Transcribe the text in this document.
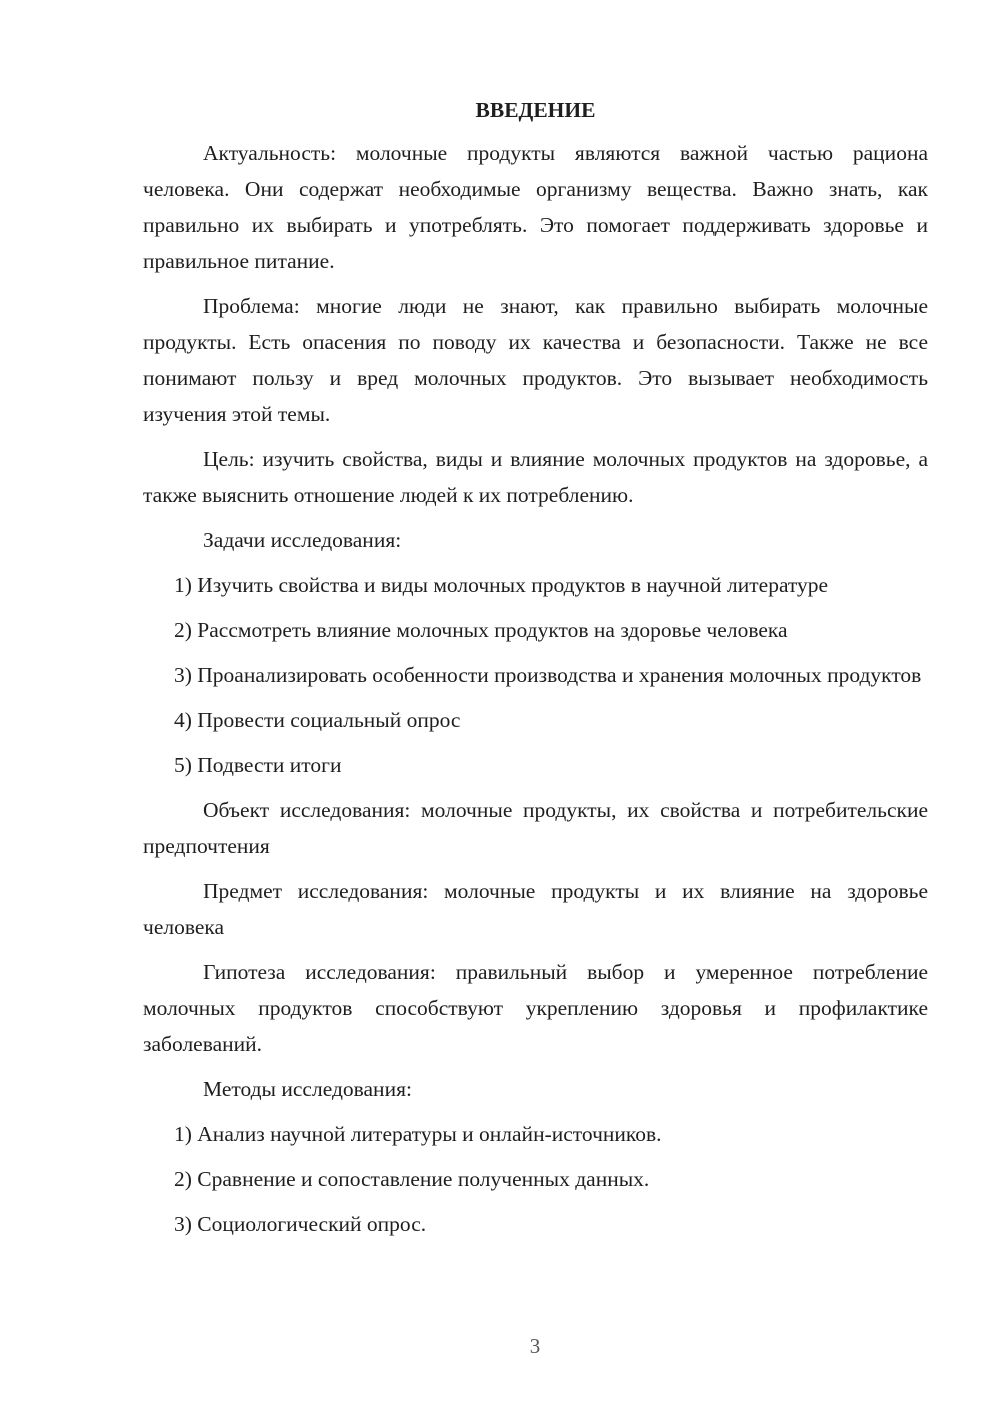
ВВЕДЕНИЕ

Актуальность: молочные продукты являются важной частью рациона человека. Они содержат необходимые организму вещества. Важно знать, как правильно их выбирать и употреблять. Это помогает поддерживать здоровье и правильное питание.

Проблема: многие люди не знают, как правильно выбирать молочные продукты. Есть опасения по поводу их качества и безопасности. Также не все понимают пользу и вред молочных продуктов. Это вызывает необходимость изучения этой темы.

Цель: изучить свойства, виды и влияние молочных продуктов на здоровье, а также выяснить отношение людей к их потреблению.

Задачи исследования:

1) Изучить свойства и виды молочных продуктов в научной литературе

2) Рассмотреть влияние молочных продуктов на здоровье человека

3) Проанализировать особенности производства и хранения молочных продуктов

4) Провести социальный опрос

5) Подвести итоги

Объект исследования: молочные продукты, их свойства и потребительские предпочтения

Предмет исследования: молочные продукты и их влияние на здоровье человека

Гипотеза исследования: правильный выбор и умеренное потребление молочных продуктов способствуют укреплению здоровья и профилактике заболеваний.

Методы исследования:

1) Анализ научной литературы и онлайн-источников.

2) Сравнение и сопоставление полученных данных.

3) Социологический опрос.

3
